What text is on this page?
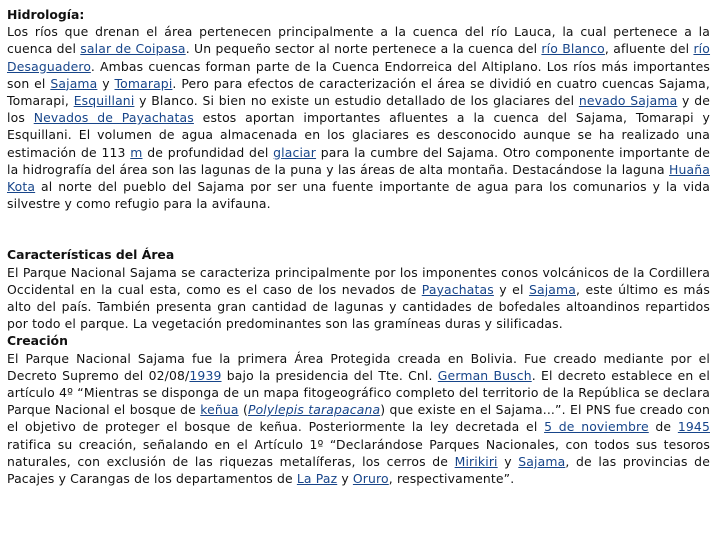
Hidrología:

Los ríos que drenan el área pertenecen principalmente a la cuenca del río Lauca, la cual pertenece a la cuenca del salar de Coipasa. Un pequeño sector al norte pertenece a la cuenca del río Blanco, afluente del río Desaguadero. Ambas cuencas forman parte de la Cuenca Endorreica del Altiplano. Los ríos más importantes son el Sajama y Tomarapi. Pero para efectos de caracterización el área se dividió en cuatro cuencas Sajama, Tomarapi, Esquillani y Blanco. Si bien no existe un estudio detallado de los glaciares del nevado Sajama y de los Nevados de Payachatas estos aportan importantes afluentes a la cuenca del Sajama, Tomarapi y Esquillani. El volumen de agua almacenada en los glaciares es desconocido aunque se ha realizado una estimación de 113 m de profundidad del glaciar para la cumbre del Sajama. Otro componente importante de la hidrografía del área son las lagunas de la puna y las áreas de alta montaña. Destacándose la laguna Huaña Kota al norte del pueblo del Sajama por ser una fuente importante de agua para los comunarios y la vida silvestre y como refugio para la avifauna.

Características del Área

El Parque Nacional Sajama se caracteriza principalmente por los imponentes conos volcánicos de la Cordillera Occidental en la cual esta, como es el caso de los nevados de Payachatas y el Sajama, este último es más alto del país. También presenta gran cantidad de lagunas y cantidades de bofedales altoandinos repartidos por todo el parque. La vegetación predominantes son las gramíneas duras y silificadas.

Creación

El Parque Nacional Sajama fue la primera Área Protegida creada en Bolivia. Fue creado mediante por el Decreto Supremo del 02/08/1939 bajo la presidencia del Tte. Cnl. German Busch. El decreto establece en el artículo 4º “Mientras se disponga de un mapa fitogeográfico completo del territorio de la República se declara Parque Nacional el bosque de keñua (Polylepis tarapacana) que existe en el Sajama...”. El PNS fue creado con el objetivo de proteger el bosque de keñua. Posteriormente la ley decretada el 5 de noviembre de 1945 ratifica su creación, señalando en el Artículo 1º “Declarándose Parques Nacionales, con todos sus tesoros naturales, con exclusión de las riquezas metalíferas, los cerros de Mirikiri y Sajama, de las provincias de Pacajes y Carangas de los departamentos de La Paz y Oruro, respectivamente”.
